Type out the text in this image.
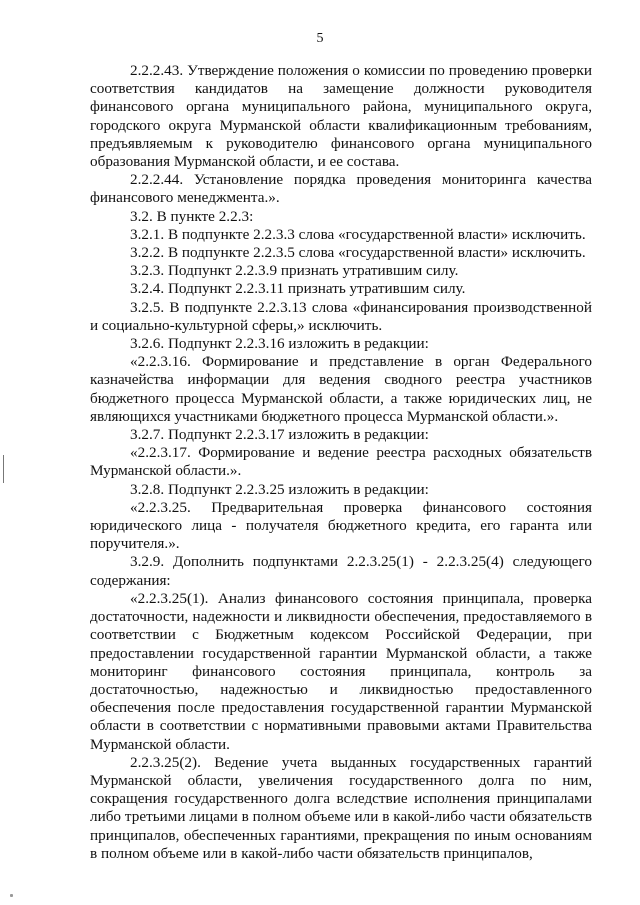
5

2.2.2.43. Утверждение положения о комиссии по проведению проверки соответствия кандидатов на замещение должности руководителя финансового органа муниципального района, муниципального округа, городского округа Мурманской области квалификационным требованиям, предъявляемым к руководителю финансового органа муниципального образования Мурманской области, и ее состава.

2.2.2.44. Установление порядка проведения мониторинга качества финансового менеджмента.».

3.2. В пункте 2.2.3:

3.2.1. В подпункте 2.2.3.3 слова «государственной власти» исключить.

3.2.2. В подпункте 2.2.3.5 слова «государственной власти» исключить.

3.2.3. Подпункт 2.2.3.9 признать утратившим силу.

3.2.4. Подпункт 2.2.3.11 признать утратившим силу.

3.2.5. В подпункте 2.2.3.13 слова «финансирования производственной и социально-культурной сферы,» исключить.

3.2.6. Подпункт 2.2.3.16 изложить в редакции:

«2.2.3.16. Формирование и представление в орган Федерального казначейства информации для ведения сводного реестра участников бюджетного процесса Мурманской области, а также юридических лиц, не являющихся участниками бюджетного процесса Мурманской области.».

3.2.7. Подпункт 2.2.3.17 изложить в редакции:

«2.2.3.17. Формирование и ведение реестра расходных обязательств Мурманской области.».

3.2.8. Подпункт 2.2.3.25 изложить в редакции:

«2.2.3.25. Предварительная проверка финансового состояния юридического лица - получателя бюджетного кредита, его гаранта или поручителя.».

3.2.9. Дополнить подпунктами 2.2.3.25(1) - 2.2.3.25(4) следующего содержания:

«2.2.3.25(1). Анализ финансового состояния принципала, проверка достаточности, надежности и ликвидности обеспечения, предоставляемого в соответствии с Бюджетным кодексом Российской Федерации, при предоставлении государственной гарантии Мурманской области, а также мониторинг финансового состояния принципала, контроль за достаточностью, надежностью и ликвидностью предоставленного обеспечения после предоставления государственной гарантии Мурманской области в соответствии с нормативными правовыми актами Правительства Мурманской области.

2.2.3.25(2). Ведение учета выданных государственных гарантий Мурманской области, увеличения государственного долга по ним, сокращения государственного долга вследствие исполнения принципалами либо третьими лицами в полном объеме или в какой-либо части обязательств принципалов, обеспеченных гарантиями, прекращения по иным основаниям в полном объеме или в какой-либо части обязательств принципалов,
